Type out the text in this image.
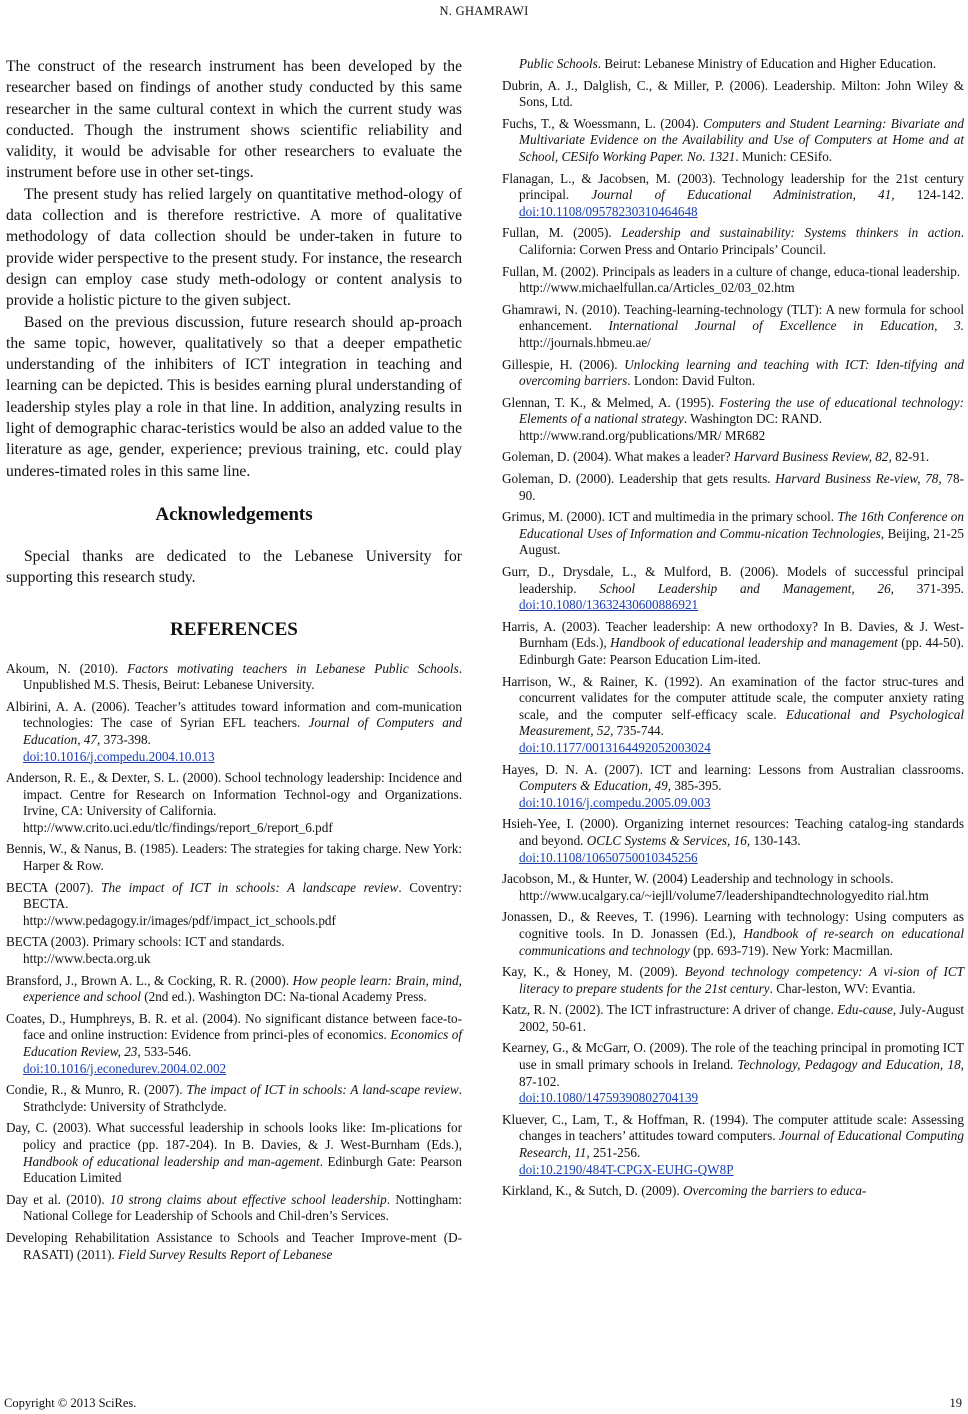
N. GHAMRAWI

The construct of the research instrument has been developed by the researcher based on findings of another study conducted by this same researcher in the same cultural context in which the current study was conducted. Though the instrument shows scientific reliability and validity, it would be advisable for other researchers to evaluate the instrument before use in other set-tings.

The present study has relied largely on quantitative method-ology of data collection and is therefore restrictive. A more of qualitative methodology of data collection should be under-taken in future to provide wider perspective to the present study. For instance, the research design can employ case study meth-odology or content analysis to provide a holistic picture to the given subject.

Based on the previous discussion, future research should ap-proach the same topic, however, qualitatively so that a deeper empathetic understanding of the inhibiters of ICT integration in teaching and learning can be depicted. This is besides earning plural understanding of leadership styles play a role in that line. In addition, analyzing results in light of demographic charac-teristics would be also an added value to the literature as age, gender, experience; previous training, etc. could play underes-timated roles in this same line.

Acknowledgements

Special thanks are dedicated to the Lebanese University for supporting this research study.

REFERENCES

Akoum, N. (2010). Factors motivating teachers in Lebanese Public Schools. Unpublished M.S. Thesis, Beirut: Lebanese University.

Albirini, A. A. (2006). Teacher’s attitudes toward information and com-munication technologies: The case of Syrian EFL teachers. Journal of Computers and Education, 47, 373-398.
doi:10.1016/j.compedu.2004.10.013

Anderson, R. E., & Dexter, S. L. (2000). School technology leadership: Incidence and impact. Centre for Research on Information Technol-ogy and Organizations. Irvine, CA: University of California.
http://www.crito.uci.edu/tlc/findings/report_6/report_6.pdf

Bennis, W., & Nanus, B. (1985). Leaders: The strategies for taking charge. New York: Harper & Row.

BECTA (2007). The impact of ICT in schools: A landscape review. Coventry: BECTA.
http://www.pedagogy.ir/images/pdf/impact_ict_schools.pdf

BECTA (2003). Primary schools: ICT and standards.
http://www.becta.org.uk

Bransford, J., Brown A. L., & Cocking, R. R. (2000). How people learn: Brain, mind, experience and school (2nd ed.). Washington DC: Na-tional Academy Press.

Coates, D., Humphreys, B. R. et al. (2004). No significant distance between face-to-face and online instruction: Evidence from princi-ples of economics. Economics of Education Review, 23, 533-546.
doi:10.1016/j.econedurev.2004.02.002

Condie, R., & Munro, R. (2007). The impact of ICT in schools: A land-scape review. Strathclyde: University of Strathclyde.

Day, C. (2003). What successful leadership in schools looks like: Im-plications for policy and practice (pp. 187-204). In B. Davies, & J. West-Burnham (Eds.), Handbook of educational leadership and man-agement. Edinburgh Gate: Pearson Education Limited

Day et al. (2010). 10 strong claims about effective school leadership. Nottingham: National College for Leadership of Schools and Chil-dren’s Services.

Developing Rehabilitation Assistance to Schools and Teacher Improve-ment (D-RASATI) (2011). Field Survey Results Report of Lebanese

Public Schools. Beirut: Lebanese Ministry of Education and Higher Education.

Dubrin, A. J., Dalglish, C., & Miller, P. (2006). Leadership. Milton: John Wiley & Sons, Ltd.

Fuchs, T., & Woessmann, L. (2004). Computers and Student Learning: Bivariate and Multivariate Evidence on the Availability and Use of Computers at Home and at School, CESifo Working Paper. No. 1321. Munich: CESifo.

Flanagan, L., & Jacobsen, M. (2003). Technology leadership for the 21st century principal. Journal of Educational Administration, 41, 124-142. doi:10.1108/09578230310464648

Fullan, M. (2005). Leadership and sustainability: Systems thinkers in action. California: Corwen Press and Ontario Principals’ Council.

Fullan, M. (2002). Principals as leaders in a culture of change, educa-tional leadership.
http://www.michaelfullan.ca/Articles_02/03_02.htm

Ghamrawi, N. (2010). Teaching-learning-technology (TLT): A new formula for school enhancement. International Journal of Excellence in Education, 3. http://journals.hbmeu.ae/

Gillespie, H. (2006). Unlocking learning and teaching with ICT: Iden-tifying and overcoming barriers. London: David Fulton.

Glennan, T. K., & Melmed, A. (1995). Fostering the use of educational technology: Elements of a national strategy. Washington DC: RAND.
http://www.rand.org/publications/MR/ MR682

Goleman, D. (2004). What makes a leader? Harvard Business Review, 82, 82-91.

Goleman, D. (2000). Leadership that gets results. Harvard Business Re-view, 78, 78-90.

Grimus, M. (2000). ICT and multimedia in the primary school. The 16th Conference on Educational Uses of Information and Commu-nication Technologies, Beijing, 21-25 August.

Gurr, D., Drysdale, L., & Mulford, B. (2006). Models of successful principal leadership. School Leadership and Management, 26, 371-395. doi:10.1080/13632430600886921

Harris, A. (2003). Teacher leadership: A new orthodoxy? In B. Davies, & J. West-Burnham (Eds.), Handbook of educational leadership and management (pp. 44-50). Edinburgh Gate: Pearson Education Lim-ited.

Harrison, W., & Rainer, K. (1992). An examination of the factor struc-tures and concurrent validates for the computer attitude scale, the computer anxiety rating scale, and the computer self-efficacy scale. Educational and Psychological Measurement, 52, 735-744.
doi:10.1177/0013164492052003024

Hayes, D. N. A. (2007). ICT and learning: Lessons from Australian classrooms. Computers & Education, 49, 385-395.
doi:10.1016/j.compedu.2005.09.003

Hsieh-Yee, I. (2000). Organizing internet resources: Teaching catalog-ing standards and beyond. OCLC Systems & Services, 16, 130-143.
doi:10.1108/10650750010345256

Jacobson, M., & Hunter, W. (2004) Leadership and technology in schools.
http://www.ucalgary.ca/~iejll/volume7/leadershipandtechnologyedito rial.htm

Jonassen, D., & Reeves, T. (1996). Learning with technology: Using computers as cognitive tools. In D. Jonassen (Ed.), Handbook of re-search on educational communications and technology (pp. 693-719). New York: Macmillan.

Kay, K., & Honey, M. (2009). Beyond technology competency: A vi-sion of ICT literacy to prepare students for the 21st century. Char-leston, WV: Evantia.

Katz, R. N. (2002). The ICT infrastructure: A driver of change. Edu-cause, July-August 2002, 50-61.

Kearney, G., & McGarr, O. (2009). The role of the teaching principal in promoting ICT use in small primary schools in Ireland. Technology, Pedagogy and Education, 18, 87-102.
doi:10.1080/14759390802704139

Kluever, C., Lam, T., & Hoffman, R. (1994). The computer attitude scale: Assessing changes in teachers’ attitudes toward computers. Journal of Educational Computing Research, 11, 251-256.
doi:10.2190/484T-CPGX-EUHG-QW8P

Kirkland, K., & Sutch, D. (2009). Overcoming the barriers to educa-

Copyright © 2013 SciRes.	19
